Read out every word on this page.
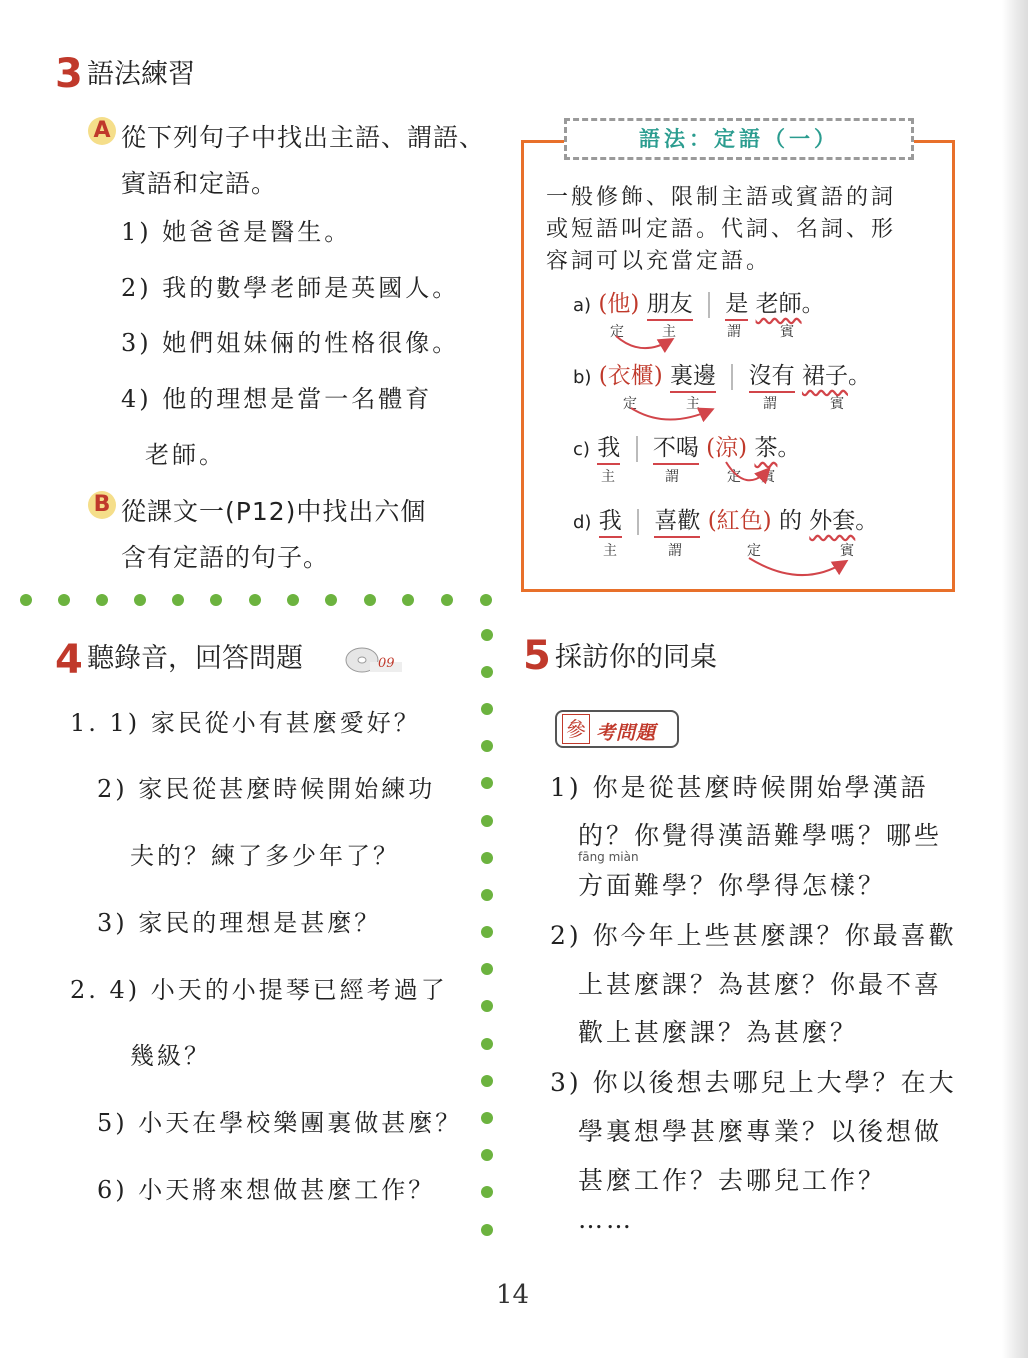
3 語法練習
A 從下列句子中找出主語、謂語、
賓語和定語。
1) 她爸爸是醫生。
2) 我的數學老師是英國人。
3) 她們姐妹倆的性格很像。
4) 他的理想是當一名體育
老師。
B 從課文一(P12)中找出六個
含有定語的句子。
語法：定語（一）
一般修飾、限制主語或賓語的詞
或短語叫定語。代詞、名詞、形
容詞可以充當定語。
a) (他) 朋友 是 老師。
定	主	謂	賓
b) (衣櫃) 裏邊 沒有 裙子。
定	主	謂	賓
c) 我 不喝 (涼) 茶。
主	謂	定 賓
d) 我 喜歡 (紅色) 的 外套。
主	謂	定	賓
4 聽錄音，回答問題	09
1. 1) 家民從小有甚麼愛好？
2) 家民從甚麼時候開始練功
夫的？練了多少年了？
3) 家民的理想是甚麼？
2. 4) 小天的小提琴已經考過了
幾級？
5) 小天在學校樂團裏做甚麼？
6) 小天將來想做甚麼工作？
5 採訪你的同桌
參 考問題
1) 你是從甚麼時候開始學漢語
的？你覺得漢語難學嗎？哪些
fāng miàn
方面難學？你學得怎樣？
2) 你今年上些甚麼課？你最喜歡
上甚麼課？為甚麼？你最不喜
歡上甚麼課？為甚麼？
3) 你以後想去哪兒上大學？在大
學裏想學甚麼專業？以後想做
甚麼工作？去哪兒工作？
……
14
